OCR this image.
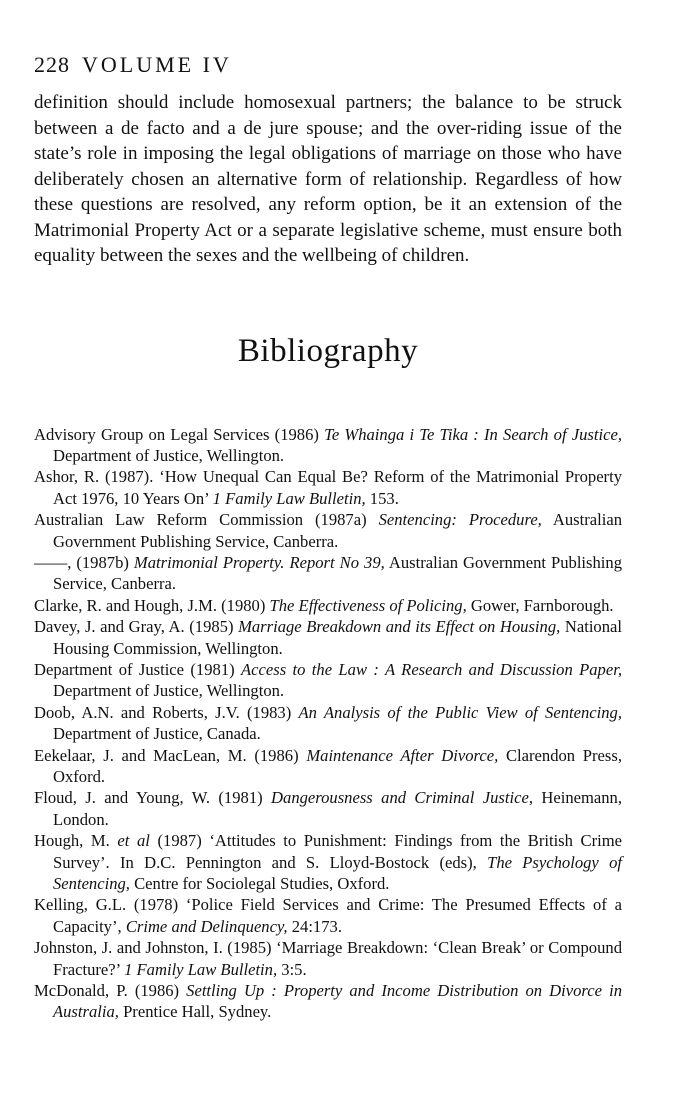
228 VOLUME IV

definition should include homosexual partners; the balance to be struck between a de facto and a de jure spouse; and the over-riding issue of the state’s role in imposing the legal obligations of marriage on those who have deliberately chosen an alternative form of relationship. Regardless of how these questions are resolved, any reform option, be it an extension of the Matrimonial Property Act or a separate legislative scheme, must ensure both equality between the sexes and the wellbeing of children.

Bibliography

Advisory Group on Legal Services (1986) Te Whainga i Te Tika : In Search of Justice, Department of Justice, Wellington.

Ashor, R. (1987). ‘How Unequal Can Equal Be? Reform of the Matrimonial Property Act 1976, 10 Years On’ 1 Family Law Bulletin, 153.

Australian Law Reform Commission (1987a) Sentencing: Procedure, Australian Government Publishing Service, Canberra.

——, (1987b) Matrimonial Property. Report No 39, Australian Government Publishing Service, Canberra.

Clarke, R. and Hough, J.M. (1980) The Effectiveness of Policing, Gower, Farnborough.

Davey, J. and Gray, A. (1985) Marriage Breakdown and its Effect on Housing, National Housing Commission, Wellington.

Department of Justice (1981) Access to the Law : A Research and Discussion Paper, Department of Justice, Wellington.

Doob, A.N. and Roberts, J.V. (1983) An Analysis of the Public View of Sentencing, Department of Justice, Canada.

Eekelaar, J. and MacLean, M. (1986) Maintenance After Divorce, Clarendon Press, Oxford.

Floud, J. and Young, W. (1981) Dangerousness and Criminal Justice, Heinemann, London.

Hough, M. et al (1987) ‘Attitudes to Punishment: Findings from the British Crime Survey’. In D.C. Pennington and S. Lloyd-Bostock (eds), The Psychology of Sentencing, Centre for Sociolegal Studies, Oxford.

Kelling, G.L. (1978) ‘Police Field Services and Crime: The Presumed Effects of a Capacity’, Crime and Delinquency, 24:173.

Johnston, J. and Johnston, I. (1985) ‘Marriage Breakdown: ‘Clean Break’ or Compound Fracture?’ 1 Family Law Bulletin, 3:5.

McDonald, P. (1986) Settling Up : Property and Income Distribution on Divorce in Australia, Prentice Hall, Sydney.
